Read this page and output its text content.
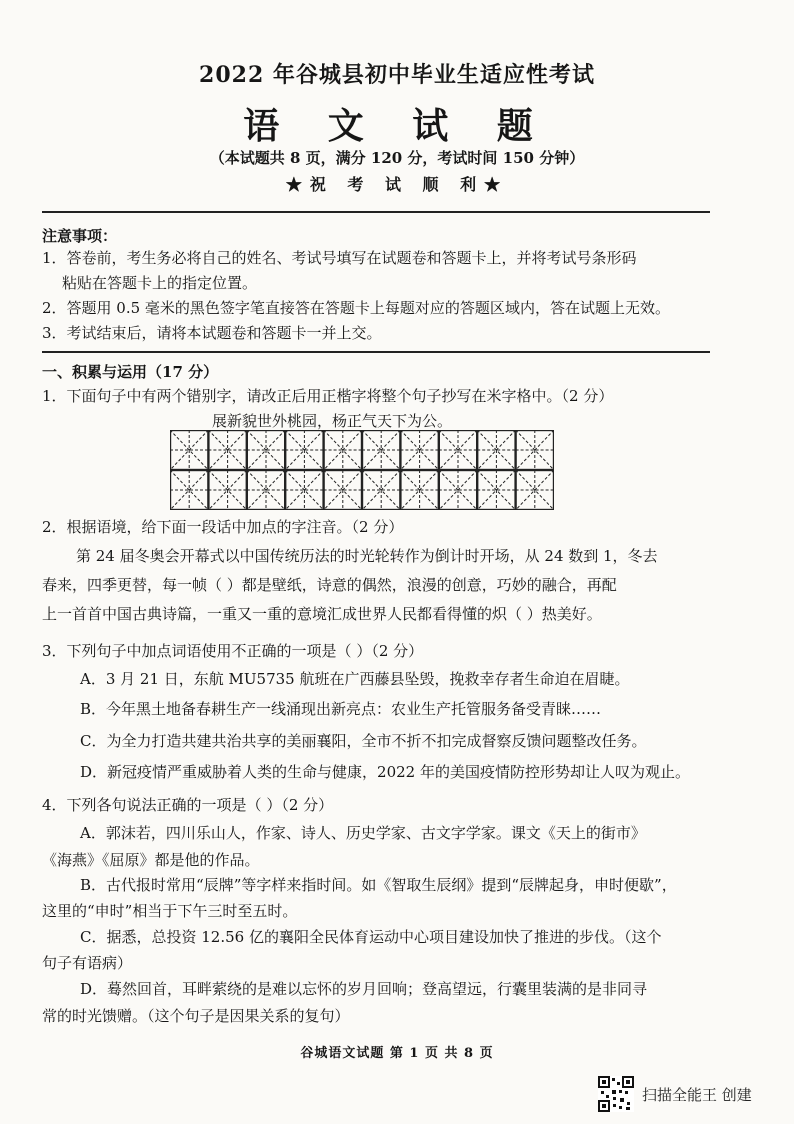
2022 年谷城县初中毕业生适应性考试
语 文 试 题
（本试题共 8 页，满分 120 分，考试时间 150 分钟）
★祝 考 试 顺 利★
注意事项：
1．答卷前，考生务必将自己的姓名、考试号填写在试题卷和答题卡上，并将考试号条形码
粘贴在答题卡上的指定位置。
2．答题用 0.5 毫米的黑色签字笔直接答在答题卡上每题对应的答题区域内，答在试题上无效。
3．考试结束后，请将本试题卷和答题卡一并上交。
一、积累与运用（17 分）
1．下面句子中有两个错别字，请改正后用正楷字将整个句子抄写在米字格中。（2 分）
展新貌世外桃园，杨正气天下为公。
2．根据语境，给下面一段话中加点的字注音。（2 分）
第 24 届冬奥会开幕式以中国传统历法的时光轮转作为倒计时开场，从 24 数到 1，冬去
春来，四季更替，每一帧（ ）都是壁纸，诗意的偶然，浪漫的创意，巧妙的融合，再配
上一首首中国古典诗篇，一重又一重的意境汇成世界人民都看得懂的炽（ ）热美好。
3．下列句子中加点词语使用不正确的一项是（ ）（2 分）
A．3 月 21 日，东航 MU5735 航班在广西藤县坠毁，挽救幸存者生命迫在眉睫。
B．今年黑土地备春耕生产一线涌现出新亮点：农业生产托管服务备受青睐……
C．为全力打造共建共治共享的美丽襄阳，全市不折不扣完成督察反馈问题整改任务。
D．新冠疫情严重威胁着人类的生命与健康，2022 年的美国疫情防控形势却让人叹为观止。
4．下列各句说法正确的一项是（ ）（2 分）
A．郭沫若，四川乐山人，作家、诗人、历史学家、古文字学家。课文《天上的街市》
《海燕》《屈原》都是他的作品。
B．古代报时常用“辰牌”等字样来指时间。如《智取生辰纲》提到“辰牌起身，申时便歇”，
这里的“申时”相当于下午三时至五时。
C．据悉，总投资 12.56 亿的襄阳全民体育运动中心项目建设加快了推进的步伐。（这个
句子有语病）
D．蓦然回首，耳畔萦绕的是难以忘怀的岁月回响；登高望远，行囊里装满的是非同寻
常的时光馈赠。（这个句子是因果关系的复句）
谷城语文试题 第 1 页 共 8 页
扫描全能王 创建
